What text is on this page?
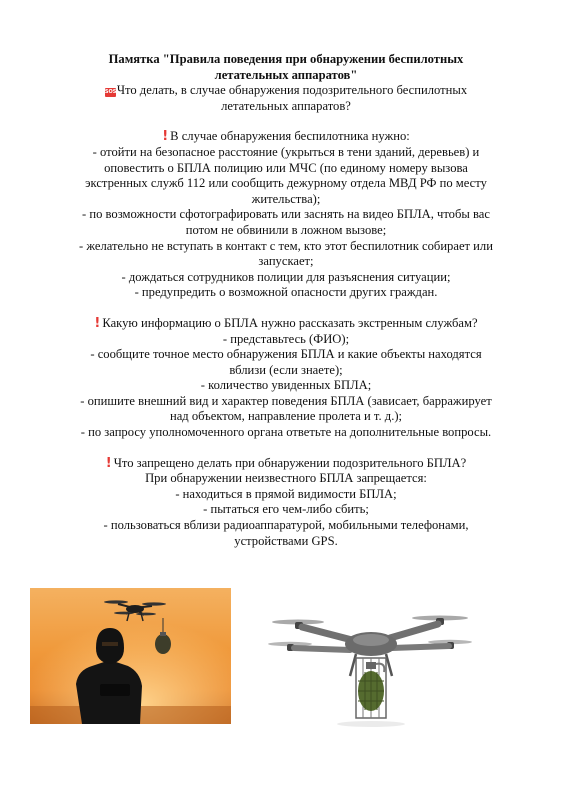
Памятка "Правила поведения при обнаружении беспилотных
летательных аппаратов"
SOSЧто делать, в случае обнаружения подозрительного беспилотных
летательных аппаратов?
! В случае обнаружения беспилотника нужно:
- отойти на безопасное расстояние (укрыться в тени зданий, деревьев) и
оповестить о БПЛА полицию или МЧС (по единому номеру вызова
экстренных служб 112 или сообщить дежурному отдела МВД РФ по месту
жительства);
- по возможности сфотографировать или заснять на видео БПЛА, чтобы вас
потом не обвинили в ложном вызове;
- желательно не вступать в контакт с тем, кто этот беспилотник собирает или
запускает;
- дождаться сотрудников полиции для разъяснения ситуации;
- предупредить о возможной опасности других граждан.
! Какую информацию о БПЛА нужно рассказать экстренным службам?
- представьтесь (ФИО);
- сообщите точное место обнаружения БПЛА и какие объекты находятся
вблизи (если знаете);
- количество увиденных БПЛА;
- опишите внешний вид и характер поведения БПЛА (зависает, барражирует
над объектом, направление пролета и т. д.);
- по запросу уполномоченного органа ответьте на дополнительные вопросы.
! Что запрещено делать при обнаружении подозрительного БПЛА?
При обнаружении неизвестного БПЛА запрещается:
- находиться в прямой видимости БПЛА;
- пытаться его чем-либо сбить;
- пользоваться вблизи радиоаппаратурой, мобильными телефонами,
устройствами GPS.
